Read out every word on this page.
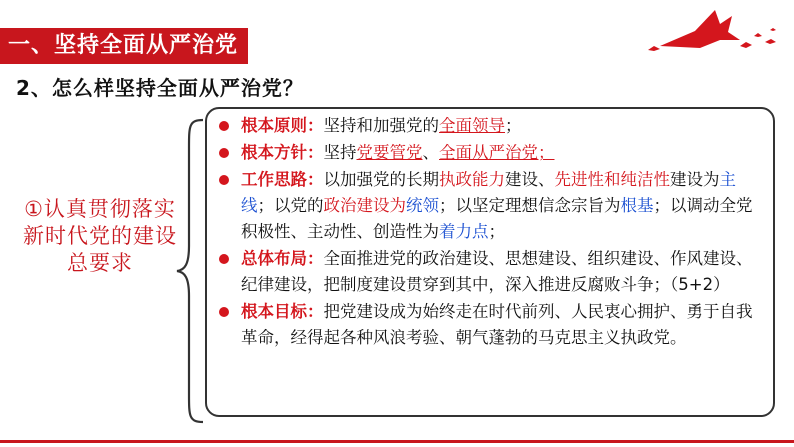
一、坚持全面从严治党
2、怎么样坚持全面从严治党？
①认真贯彻落实
新时代党的建设
总要求
根本原则：坚持和加强党的全面领导；
根本方针：坚持党要管党、全面从严治党；
工作思路：以加强党的长期执政能力建设、先进性和纯洁性建设为主线；以党的政治建设为统领；以坚定理想信念宗旨为根基；以调动全党积极性、主动性、创造性为着力点；
总体布局：全面推进党的政治建设、思想建设、组织建设、作风建设、纪律建设，把制度建设贯穿到其中，深入推进反腐败斗争；（5+2）
根本目标：把党建设成为始终走在时代前列、人民衷心拥护、勇于自我革命，经得起各种风浪考验、朝气蓬勃的马克思主义执政党。
